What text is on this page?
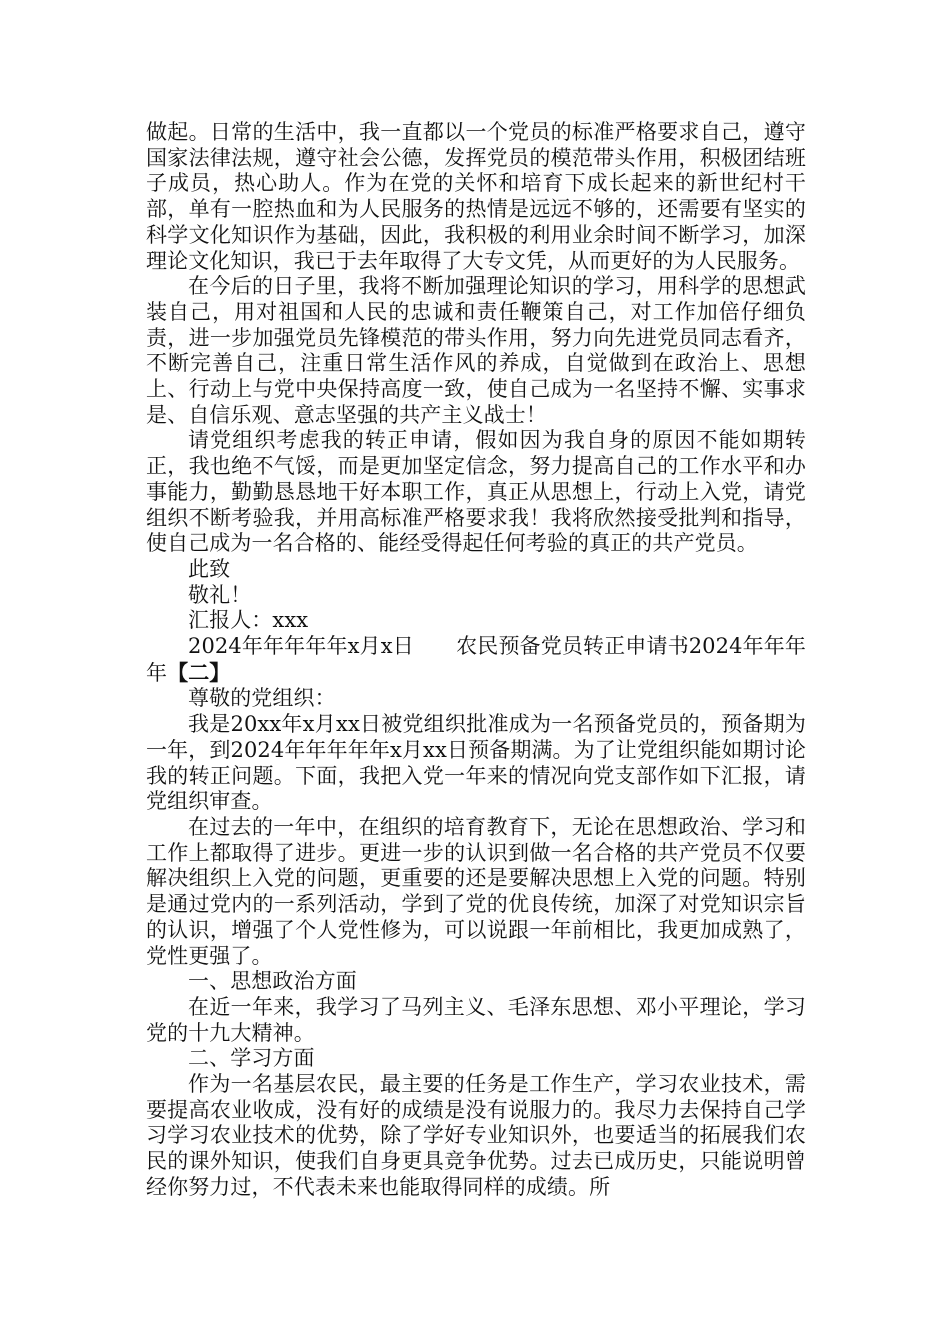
做起。日常的生活中，我一直都以一个党员的标准严格要求自己，遵守国家法律法规，遵守社会公德，发挥党员的模范带头作用，积极团结班子成员，热心助人。作为在党的关怀和培育下成长起来的新世纪村干部，单有一腔热血和为人民服务的热情是远远不够的，还需要有坚实的科学文化知识作为基础，因此，我积极的利用业余时间不断学习，加深理论文化知识，我已于去年取得了大专文凭，从而更好的为人民服务。

在今后的日子里，我将不断加强理论知识的学习，用科学的思想武装自己，用对祖国和人民的忠诚和责任鞭策自己，对工作加倍仔细负责，进一步加强党员先锋模范的带头作用，努力向先进党员同志看齐，不断完善自己，注重日常生活作风的养成，自觉做到在政治上、思想上、行动上与党中央保持高度一致，使自己成为一名坚持不懈、实事求是、自信乐观、意志坚强的共产主义战士！

请党组织考虑我的转正申请，假如因为我自身的原因不能如期转正，我也绝不气馁，而是更加坚定信念，努力提高自己的工作水平和办事能力，勤勤恳恳地干好本职工作，真正从思想上，行动上入党，请党组织不断考验我，并用高标准严格要求我！我将欣然接受批判和指导，使自己成为一名合格的、能经受得起任何考验的真正的共产党员。

此致

敬礼！

汇报人：xxx

2024年年年年年x月x日　　 农民预备党员转正申请书2024年年年年【二】

尊敬的党组织：

我是20xx年x月xx日被党组织批准成为一名预备党员的，预备期为一年，到2024年年年年年x月xx日预备期满。为了让党组织能如期讨论我的转正问题。下面，我把入党一年来的情况向党支部作如下汇报，请党组织审查。

在过去的一年中，在组织的培育教育下，无论在思想政治、学习和工作上都取得了进步。更进一步的认识到做一名合格的共产党员不仅要解决组织上入党的问题，更重要的还是要解决思想上入党的问题。特别是通过党内的一系列活动，学到了党的优良传统，加深了对党知识宗旨的认识，增强了个人党性修为，可以说跟一年前相比，我更加成熟了，党性更强了。

一、思想政治方面

在近一年来，我学习了马列主义、毛泽东思想、邓小平理论，学习党的十九大精神。

二、学习方面

作为一名基层农民，最主要的任务是工作生产，学习农业技术，需要提高农业收成，没有好的成绩是没有说服力的。我尽力去保持自己学习学习农业技术的优势，除了学好专业知识外，也要适当的拓展我们农民的课外知识，使我们自身更具竞争优势。过去已成历史，只能说明曾经你努力过，不代表未来也能取得同样的成绩。所
